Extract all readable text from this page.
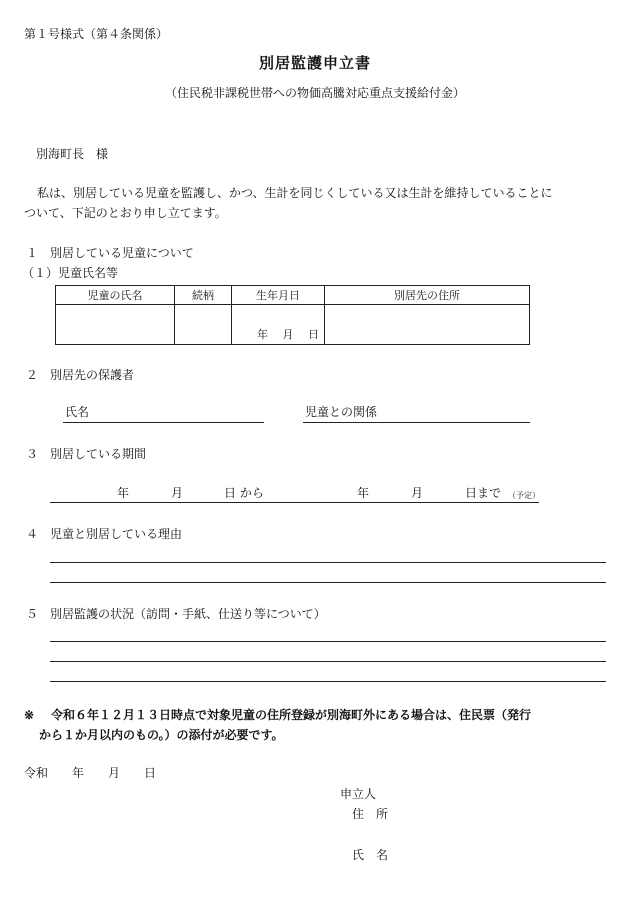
第１号様式（第４条関係）
別居監護申立書
（住民税非課税世帯への物価高騰対応重点支援給付金）
別海町長　様
私は、別居している児童を監護し、かつ、生計を同じくしている又は生計を維持していることに
ついて、下記のとおり申し立てます。
１　別居している児童について
（１）児童氏名等
児童の氏名	続柄	生年月日	別居先の住所
		年　 月　 日	
２　別居先の保護者
氏名	児童との関係
３　別居している期間
年	月	日 から	年	月	日まで （予定）
４　児童と別居している理由
５　別居監護の状況（訪問・手紙、仕送り等について）
※ 令和６年１２月１３日時点で対象児童の住所登録が別海町外にある場合は、住民票（発行
から１か月以内のもの。）の添付が必要です。
令和　　年　　月　　日
申立人
住　所
氏　名
